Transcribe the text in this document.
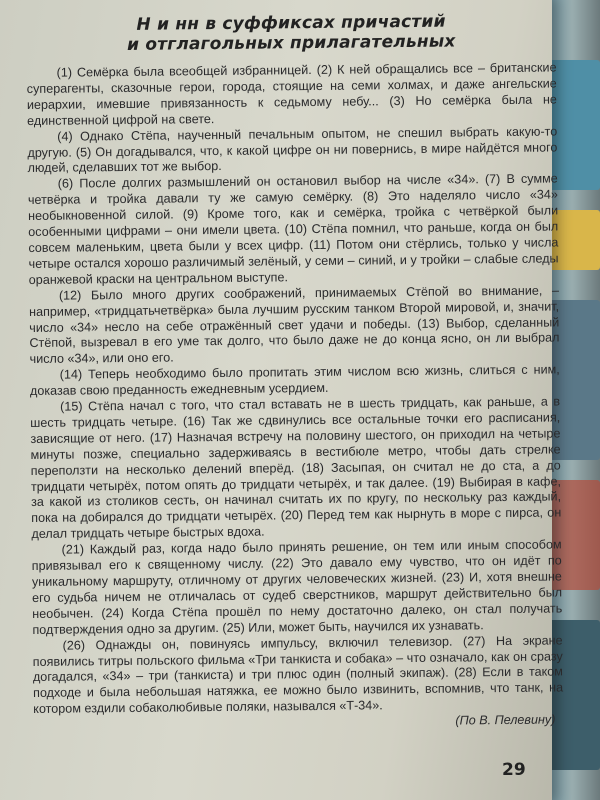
Н и нн в суффиксах причастий
и отглагольных прилагательных

(1) Семёрка была всеобщей избранницей. (2) К ней обращались все – британские суперагенты, сказочные герои, города, стоящие на семи холмах, и даже ангельские иерархии, имевшие привязанность к седьмому небу... (3) Но семёрка была не единственной цифрой на свете.

(4) Однако Стёпа, наученный печальным опытом, не спешил выбрать какую-то другую. (5) Он догадывался, что, к какой цифре он ни повернись, в мире найдётся много людей, сделавших тот же выбор.

(6) После долгих размышлений он остановил выбор на числе «34». (7) В сумме четвёрка и тройка давали ту же самую семёрку. (8) Это наделяло число «34» необыкновенной силой. (9) Кроме того, как и семёрка, тройка с четвёркой были особенными цифрами – они имели цвета. (10) Стёпа помнил, что раньше, когда он был совсем маленьким, цвета были у всех цифр. (11) Потом они стёрлись, только у числа четыре остался хорошо различимый зелёный, у семи – синий, и у тройки – слабые следы оранжевой краски на центральном выступе.

(12) Было много других соображений, принимаемых Стёпой во внимание, – например, «тридцатьчетвёрка» была лучшим русским танком Второй мировой, и, значит, число «34» несло на себе отражённый свет удачи и победы. (13) Выбор, сделанный Стёпой, вызревал в его уме так долго, что было даже не до конца ясно, он ли выбрал число «34», или оно его.

(14) Теперь необходимо было пропитать этим числом всю жизнь, слиться с ним, доказав свою преданность ежедневным усердием.

(15) Стёпа начал с того, что стал вставать не в шесть тридцать, как раньше, а в шесть тридцать четыре. (16) Так же сдвинулись все остальные точки его расписания, зависящие от него. (17) Назначая встречу на половину шестого, он приходил на четыре минуты позже, специально задерживаясь в вестибюле метро, чтобы дать стрелке переползти на несколько делений вперёд. (18) Засыпая, он считал не до ста, а до тридцати четырёх, потом опять до тридцати четырёх, и так далее. (19) Выбирая в кафе, за какой из столиков сесть, он начинал считать их по кругу, по нескольку раз каждый, пока на добирался до тридцати четырёх. (20) Перед тем как нырнуть в море с пирса, он делал тридцать четыре быстрых вдоха.

(21) Каждый раз, когда надо было принять решение, он тем или иным способом привязывал его к священному числу. (22) Это давало ему чувство, что он идёт по уникальному маршруту, отличному от других человеческих жизней. (23) И, хотя внешне его судьба ничем не отличалась от судеб сверстников, маршрут действительно был необычен. (24) Когда Стёпа прошёл по нему достаточно далеко, он стал получать подтверждения одно за другим. (25) Или, может быть, научился их узнавать.

(26) Однажды он, повинуясь импульсу, включил телевизор. (27) На экране появились титры польского фильма «Три танкиста и собака» – что означало, как он сразу догадался, «34» – три (танкиста) и три плюс один (полный экипаж). (28) Если в таком подходе и была небольшая натяжка, ее можно было извинить, вспомнив, что танк, на котором ездили собаколюбивые поляки, назывался «Т-34».

(По В. Пелевину)

29
